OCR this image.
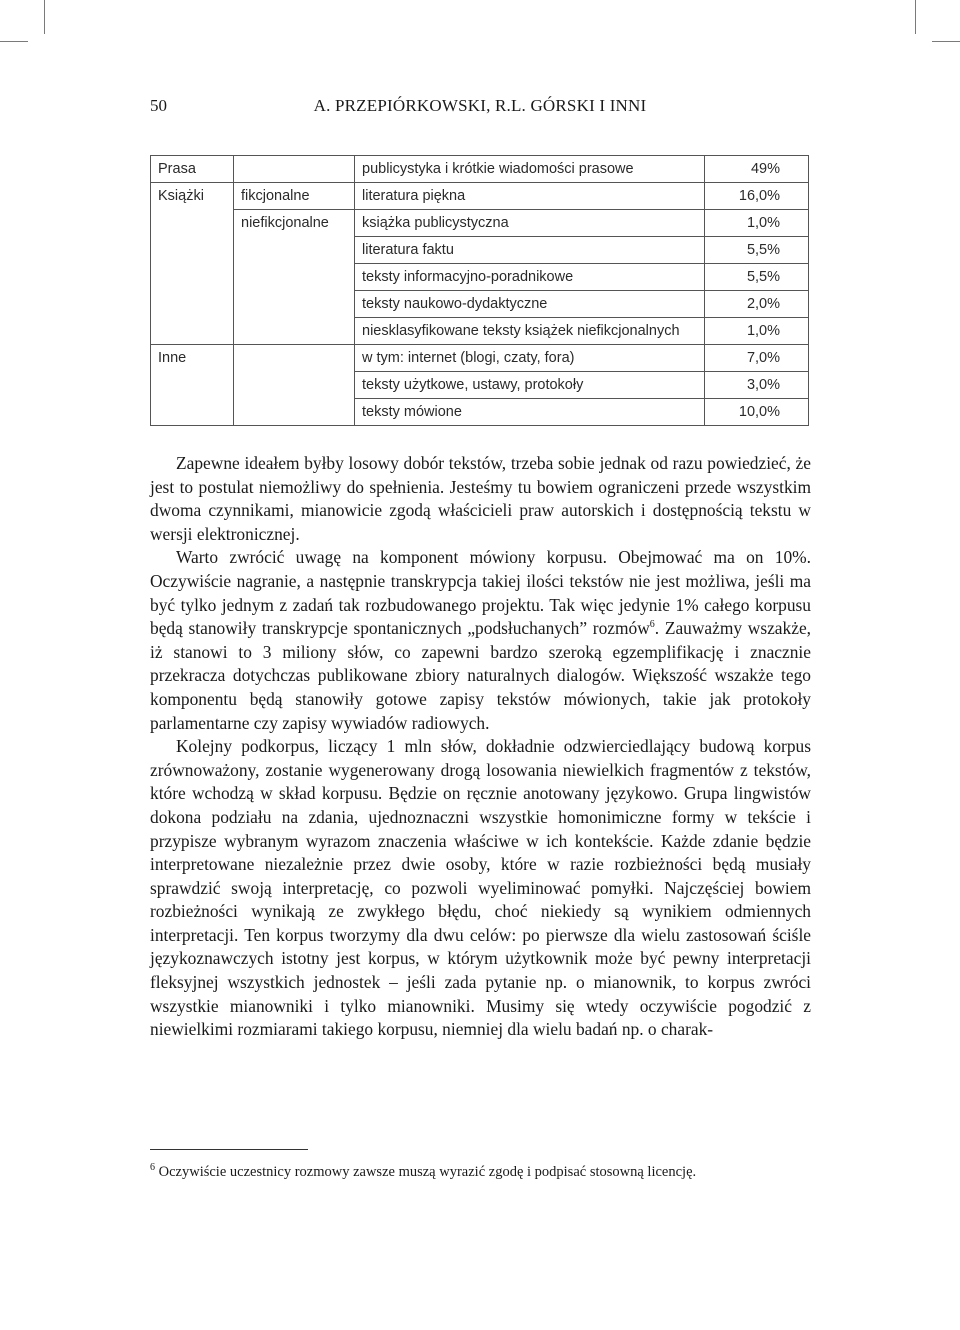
50	A. PRZEPIÓRKOWSKI, R.L. GÓRSKI I INNI
Prasa		publicystyka i krótkie wiadomości prasowe	49%
Książki	fikcjonalne	literatura piękna	16,0%
	niefikcjonalne	książka publicystyczna	1,0%
		literatura faktu	5,5%
		teksty informacyjno-poradnikowe	5,5%
		teksty naukowo-dydaktyczne	2,0%
		niesklasyfikowane teksty książek niefikcjonalnych	1,0%
Inne		w tym: internet (blogi, czaty, fora)	7,0%
		teksty użytkowe, ustawy, protokoły	3,0%
		teksty mówione	10,0%

Zapewne ideałem byłby losowy dobór tekstów, trzeba sobie jednak od razu powiedzieć, że jest to postulat niemożliwy do spełnienia. Jesteśmy tu bowiem ograniczeni przede wszystkim dwoma czynnikami, mianowicie zgodą właścicieli praw autorskich i dostępnością tekstu w wersji elektronicznej.

Warto zwrócić uwagę na komponent mówiony korpusu. Obejmować ma on 10%. Oczywiście nagranie, a następnie transkrypcja takiej ilości tekstów nie jest możliwa, jeśli ma być tylko jednym z zadań tak rozbudowanego projektu. Tak więc jedynie 1% całego korpusu będą stanowiły transkrypcje spontanicznych „podsłuchanych” rozmów$^6$. Zauważmy wszakże, iż stanowi to 3 miliony słów, co zapewni bardzo szeroką egzemplifikację i znacznie przekracza dotychczas publikowane zbiory naturalnych dialogów. Większość wszakże tego komponentu będą stanowiły gotowe zapisy tekstów mówionych, takie jak protokoły parlamentarne czy zapisy wywiadów radiowych.

Kolejny podkorpus, liczący 1 mln słów, dokładnie odzwierciedlający budową korpus zrównoważony, zostanie wygenerowany drogą losowania niewielkich fragmentów z tekstów, które wchodzą w skład korpusu. Będzie on ręcznie anotowany językowo. Grupa lingwistów dokona podziału na zdania, ujednoznaczni wszystkie homonimiczne formy w tekście i przypisze wybranym wyrazom znaczenia właściwe w ich kontekście. Każde zdanie będzie interpretowane niezależnie przez dwie osoby, które w razie rozbieżności będą musiały sprawdzić swoją interpretację, co pozwoli wyeliminować pomyłki. Najczęściej bowiem rozbieżności wynikają ze zwykłego błędu, choć niekiedy są wynikiem odmiennych interpretacji. Ten korpus tworzymy dla dwu celów: po pierwsze dla wielu zastosowań ściśle językoznawczych istotny jest korpus, w którym użytkownik może być pewny interpretacji fleksyjnej wszystkich jednostek – jeśli zada pytanie np. o mianownik, to korpus zwróci wszystkie mianowniki i tylko mianowniki. Musimy się wtedy oczywiście pogodzić z niewielkimi rozmiarami takiego korpusu, niemniej dla wielu badań np. o charak-

$^6$ Oczywiście uczestnicy rozmowy zawsze muszą wyrazić zgodę i podpisać stosowną licencję.
